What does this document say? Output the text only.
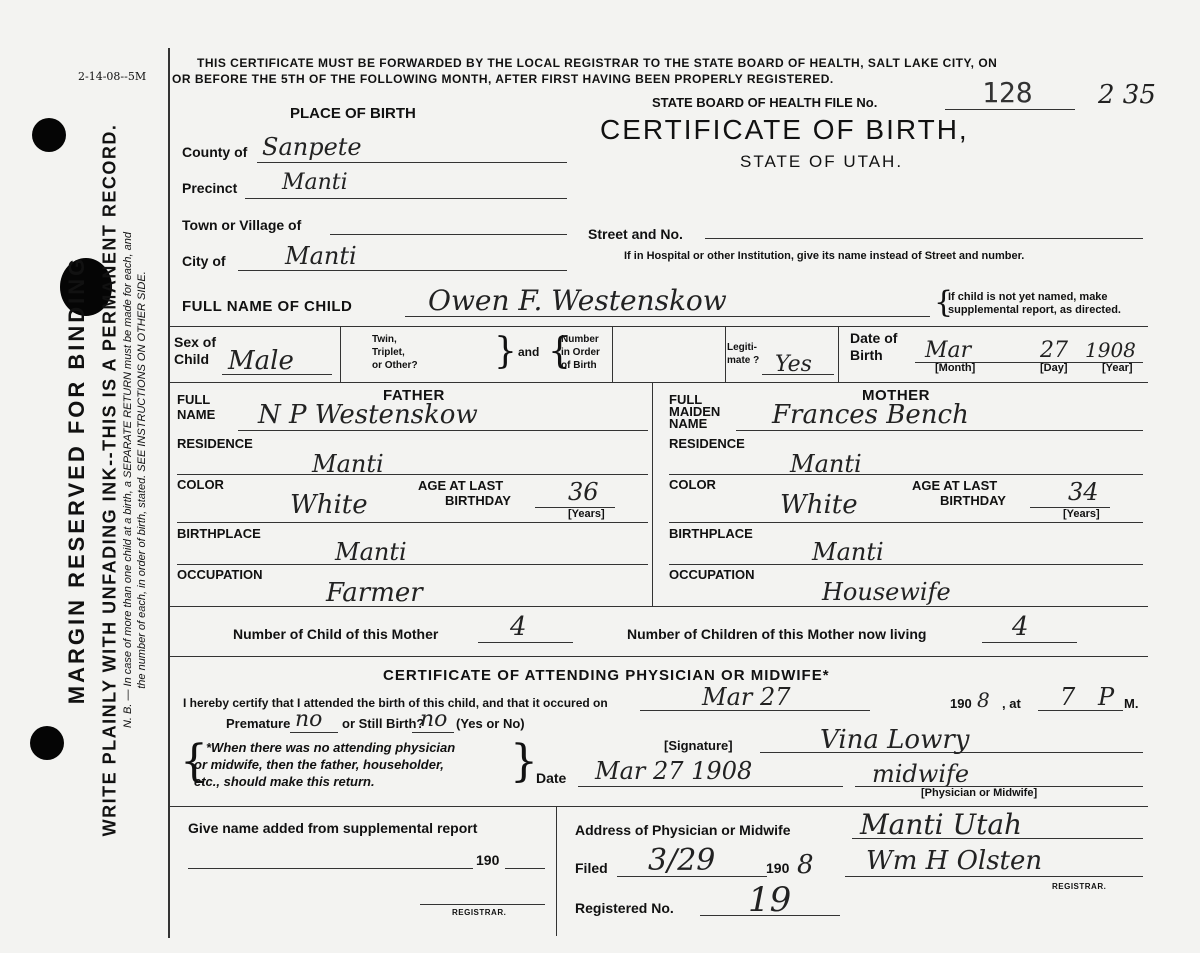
MARGIN RESERVED FOR BINDING WRITE PLAINLY WITH UNFADING INK--THIS IS A PERMANENT RECORD. N. B. — In case of more than one child at a birth, a SEPARATE RETURN must be made for each, and the number of each, in order of birth, stated. SEE INSTRUCTIONS ON OTHER SIDE.
2-14-08--5M
THIS CERTIFICATE MUST BE FORWARDED BY THE LOCAL REGISTRAR TO THE STATE BOARD OF HEALTH, SALT LAKE CITY, ON
OR BEFORE THE 5TH OF THE FOLLOWING MONTH, AFTER FIRST HAVING BEEN PROPERLY REGISTERED.
STATE BOARD OF HEALTH FILE No.	128	2 35
CERTIFICATE OF BIRTH,
STATE OF UTAH.
PLACE OF BIRTH
County of Sanpete
Precinct Manti
Town or Village of
City of Manti
Street and No.
If in Hospital or other Institution, give its name instead of Street and number.
FULL NAME OF CHILD	Owen F. Westenskow	{
If child is not yet named, make
supplemental report, as directed.
Sex of
Child Male
Twin,
Triplet,
or Other? } and {
Number
in Order
of Birth
Legiti-
mate ? Yes
Date of
Birth Mar	27 1908
[Month]	[Day]	[Year]
FATHER
FULL
NAME N P Westenskow
RESIDENCE
Manti
COLOR
White
AGE AT LAST
BIRTHDAY 36
[Years]
BIRTHPLACE
Manti
OCCUPATION
Farmer
MOTHER
FULL
MAIDEN
NAME Frances Bench
RESIDENCE
Manti
COLOR
White
AGE AT LAST
BIRTHDAY	34
[Years]
BIRTHPLACE
Manti
OCCUPATION
Housewife
Number of Child of this Mother	4	Number of Children of this Mother now living	4
CERTIFICATE OF ATTENDING PHYSICIAN OR MIDWIFE*
I hereby certify that I attended the birth of this child, and that it occured on	Mar 27	190 8 , at 7 P M.
Premature no or Still Birth?
no (Yes or No)
{
*When there was no attending physician
or midwife, then the father, householder,
etc., should make this return.	}	[Signature]	Vina Lowry
Date Mar 27 1908	midwife
[Physician or Midwife]
Give name added from supplemental report
190
REGISTRAR.
Address of Physician or Midwife Manti Utah
Filed 3/29	190 8 Wm H Olsten
REGISTRAR.
Registered No. 19
